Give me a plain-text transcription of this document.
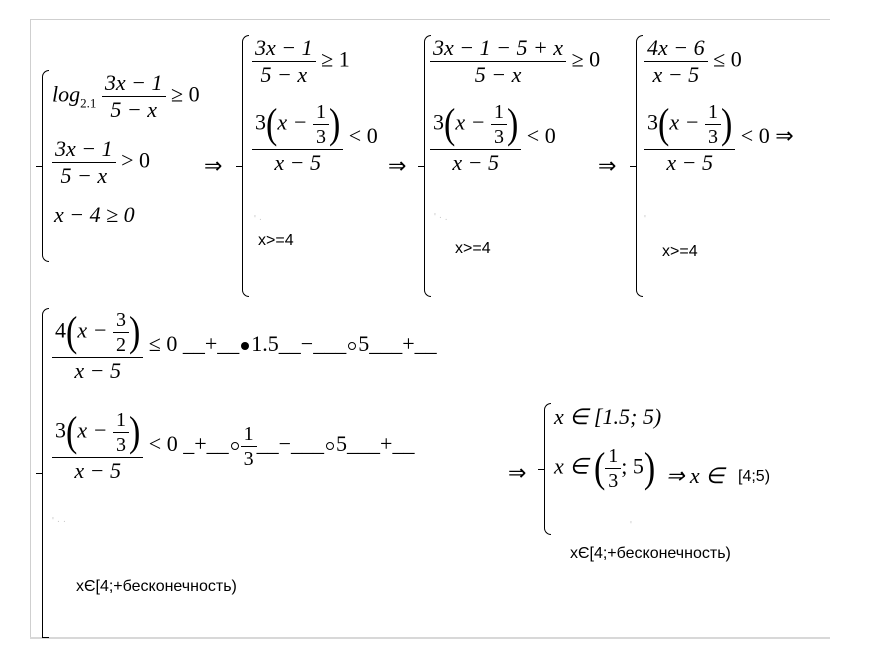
$\log_{2.1} \frac{3x - 1}{5 - x} \ge 0$
$\frac{3x - 1}{5 - x} > 0$
x − 4 ≥ 0
⇒
$\frac{3x - 1}{5 - x} \ge 1$
$\frac{3(x - \frac{1}{3} )}{x - 5} < 0$
' ·
x>=4
⇒
$\frac{3x - 1 - 5 + x}{5 - x} \ge 0$
$\frac{3(x - \frac{1}{3} )}{x - 5} < 0$
' · .
x>=4
⇒
$\frac{4x - 6}{x - 5} \le 0$
$\frac{3(x - \frac{1}{3} )}{x - 5} < 0$ ⇒
'
x>=4
$\frac{4(x - \frac{3}{2} )}{x - 5} \le 0$ __+__ 1.5__−___ 5___+__
$\frac{3(x - \frac{1}{3} )}{x - 5} < 0$ _+__ $\frac{1}{3}$ __−___ 5___+__
' · ·
xЄ[4;+бесконечность)
⇒
x ∈ [1.5; 5)
x ∈ ( $\frac{1}{3}$ ; 5)
'
⇒ x ∈ [4;5)
xЄ[4;+бесконечность)
